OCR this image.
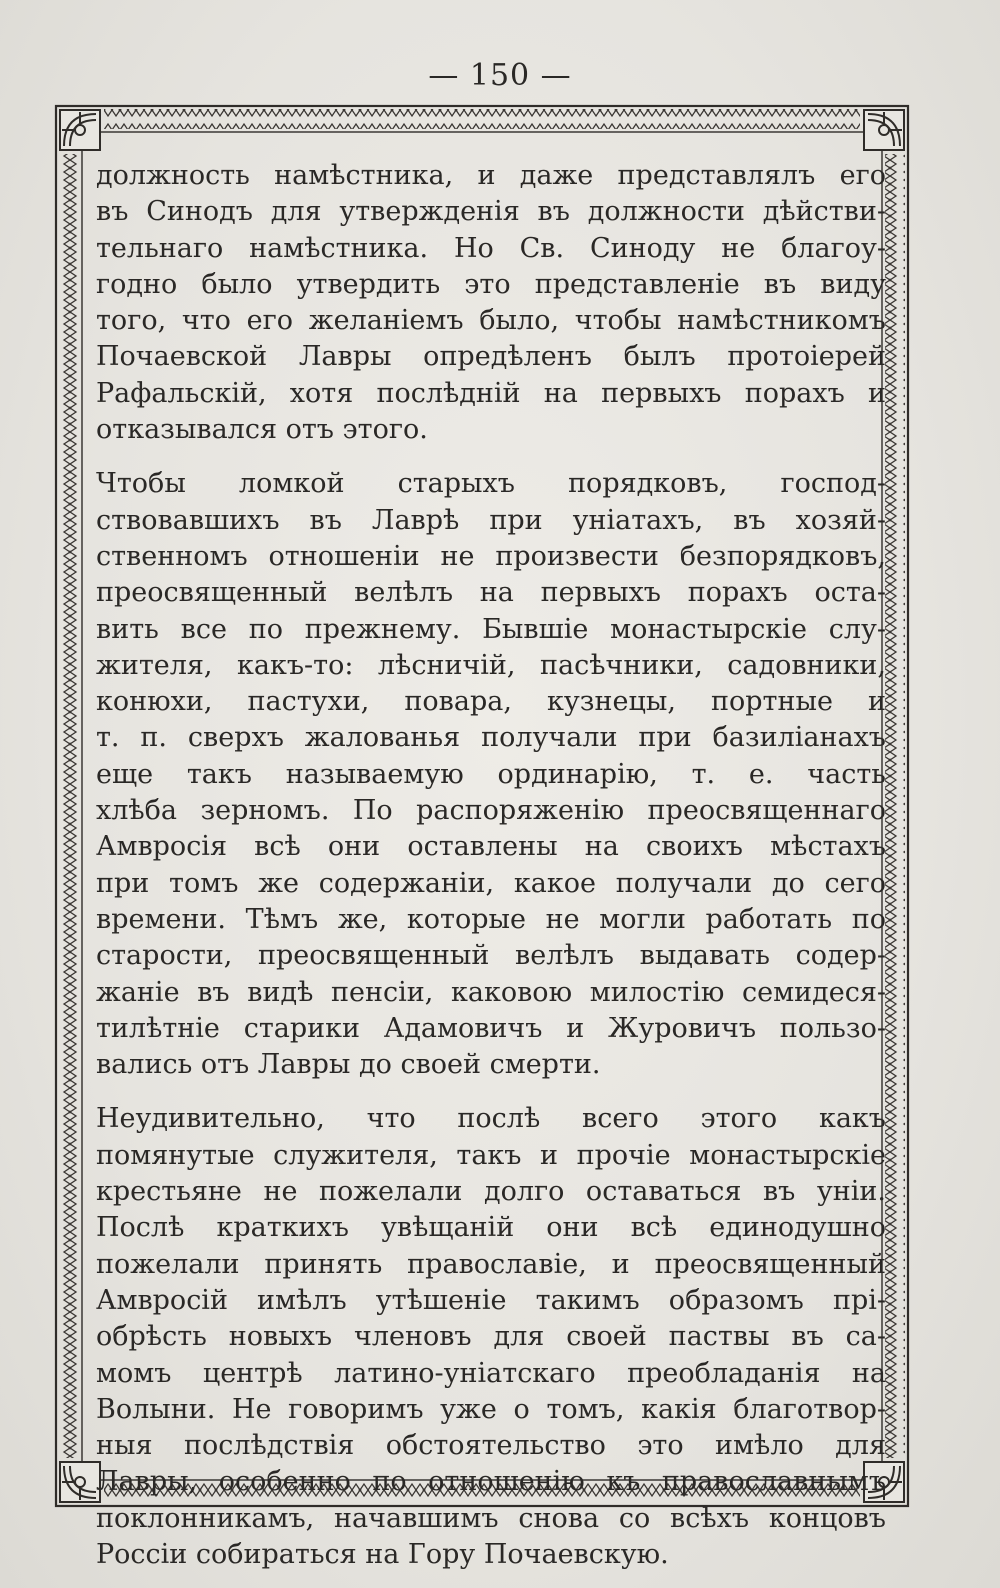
— 150 —
должность намѣстника, и даже представлялъ его
въ Синодъ для утвержденія въ должности дѣйстви-
тельнаго намѣстника. Но Св. Синоду не благоу-
годно было утвердить это представленіе въ виду
того, что его желаніемъ было, чтобы намѣстникомъ
Почаевской Лавры опредѣленъ былъ протоіерей
Рафальскій, хотя послѣдній на первыхъ порахъ и
отказывался отъ этого.
Чтобы ломкой старыхъ порядковъ, господ-
ствовавшихъ въ Лаврѣ при уніатахъ, въ хозяй-
ственномъ отношеніи не произвести безпорядковъ,
преосвященный велѣлъ на первыхъ порахъ оста-
вить все по прежнему. Бывшіе монастырскіе слу-
жителя, какъ-то: лѣсничій, пасѣчники, садовники,
конюхи, пастухи, повара, кузнецы, портные и
т. п. сверхъ жалованья получали при базиліанахъ
еще такъ называемую ординарію, т. е. часть
хлѣба зерномъ. По распоряженію преосвященнаго
Амвросія всѣ они оставлены на своихъ мѣстахъ
при томъ же содержаніи, какое получали до сего
времени. Тѣмъ же, которые не могли работать по
старости, преосвященный велѣлъ выдавать содер-
жаніе въ видѣ пенсіи, каковою милостію семидеся-
тилѣтніе старики Адамовичъ и Журовичъ пользо-
вались отъ Лавры до своей смерти.
Неудивительно, что послѣ всего этого какъ
помянутые служителя, такъ и прочіе монастырскіе
крестьяне не пожелали долго оставаться въ уніи.
Послѣ краткихъ увѣщаній они всѣ единодушно
пожелали принять православіе, и преосвященный
Амвросій имѣлъ утѣшеніе такимъ образомъ прі-
обрѣсть новыхъ членовъ для своей паствы въ са-
момъ центрѣ латино-уніатскаго преобладанія на
Волыни. Не говоримъ уже о томъ, какія благотвор-
ныя послѣдствія обстоятельство это имѣло для
Лавры, особенно по отношенію къ православнымъ
поклонникамъ, начавшимъ снова со всѣхъ концовъ
Россіи собираться на Гору Почаевскую.
